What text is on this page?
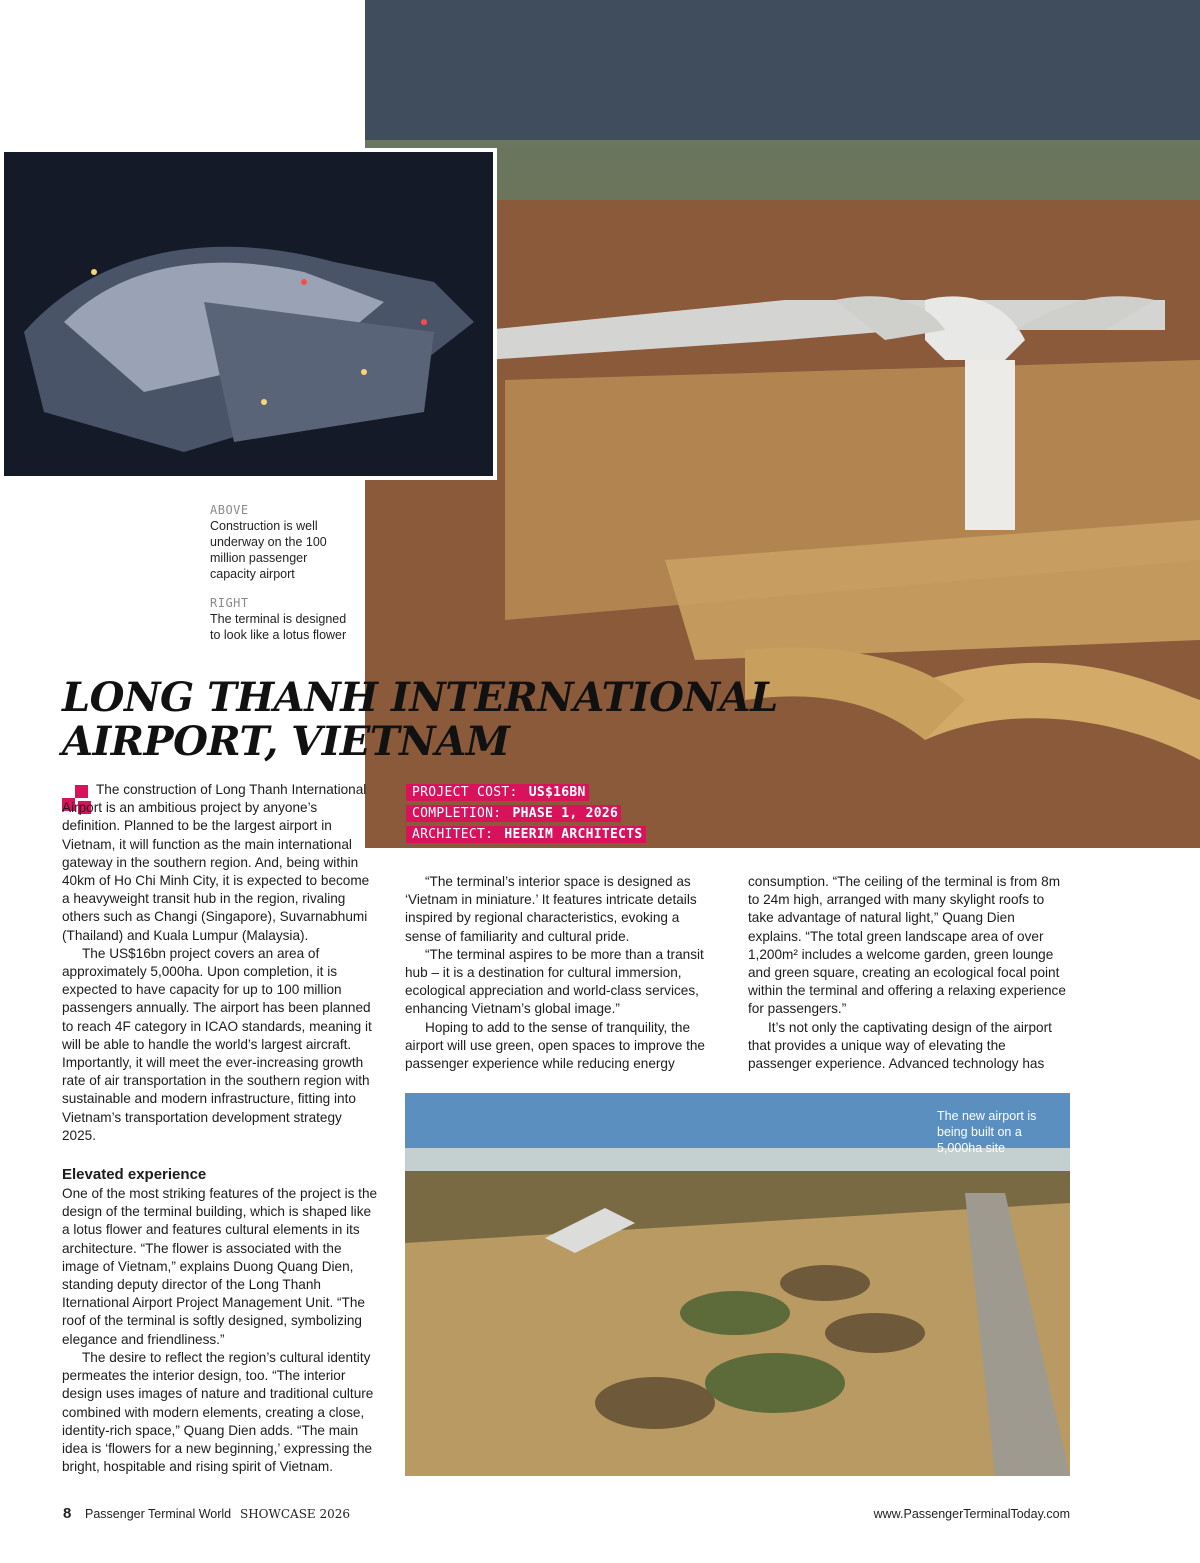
ABOVE
Construction is well underway on the 100 million passenger capacity airport
RIGHT
The terminal is designed to look like a lotus flower
LONG THANH INTERNATIONAL
AIRPORT, VIETNAM

The construction of Long Thanh International Airport is an ambitious project by anyone’s definition. Planned to be the largest airport in Vietnam, it will function as the main international gateway in the southern region. And, being within 40km of Ho Chi Minh City, it is expected to become a heavyweight transit hub in the region, rivaling others such as Changi (Singapore), Suvarnabhumi (Thailand) and Kuala Lumpur (Malaysia).

The US$16bn project covers an area of approximately 5,000ha. Upon completion, it is expected to have capacity for up to 100 million passengers annually. The airport has been planned to reach 4F category in ICAO standards, meaning it will be able to handle the world’s largest aircraft. Importantly, it will meet the ever-increasing growth rate of air transportation in the southern region with sustainable and modern infrastructure, fitting into Vietnam’s transportation development strategy 2025.

Elevated experience

One of the most striking features of the project is the design of the terminal building, which is shaped like a lotus flower and features cultural elements in its architecture. “The flower is associated with the image of Vietnam,” explains Duong Quang Dien, standing deputy director of the Long Thanh Iternational Airport Project Management Unit. “The roof of the terminal is softly designed, symbolizing elegance and friendliness.”

The desire to reflect the region’s cultural identity permeates the interior design, too. “The interior design uses images of nature and traditional culture combined with modern elements, creating a close, identity-rich space,” Quang Dien adds. “The main idea is ‘flowers for a new beginning,’ expressing the bright, hospitable and rising spirit of Vietnam.

PROJECT COST: US$16BN
COMPLETION: PHASE 1, 2026
ARCHITECT: HEERIM ARCHITECTS

“The terminal’s interior space is designed as ‘Vietnam in miniature.’ It features intricate details inspired by regional characteristics, evoking a sense of familiarity and cultural pride.

“The terminal aspires to be more than a transit hub – it is a destination for cultural immersion, ecological appreciation and world-class services, enhancing Vietnam’s global image.”

Hoping to add to the sense of tranquility, the airport will use green, open spaces to improve the passenger experience while reducing energy

consumption. “The ceiling of the terminal is from 8m to 24m high, arranged with many skylight roofs to take advantage of natural light,” Quang Dien explains. “The total green landscape area of over 1,200m² includes a welcome garden, green lounge and green square, creating an ecological focal point within the terminal and offering a relaxing experience for passengers.”

It’s not only the captivating design of the airport that provides a unique way of elevating the passenger experience. Advanced technology has

The new airport is being built on a 5,000ha site
8 Passenger Terminal World SHOWCASE 2026	www.PassengerTerminalToday.com
